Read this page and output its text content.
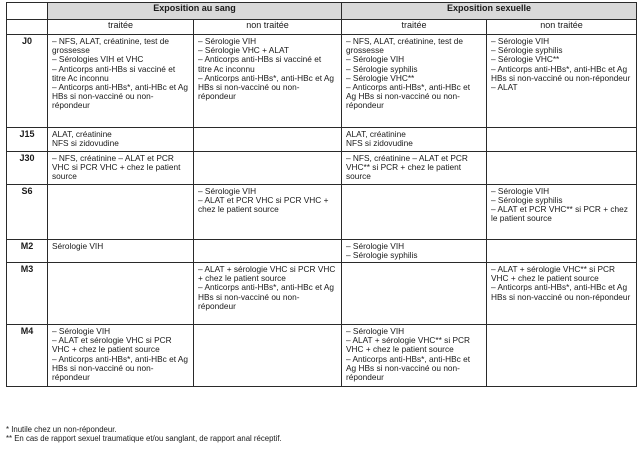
	Exposition au sang		Exposition sexuelle	
	traitée	non traitée	traitée	non traitée
J0	– NFS, ALAT, créatinine, test de grossesse
– Sérologies VIH et VHC
– Anticorps anti-HBs si vacciné et titre Ac inconnu
– Anticorps anti-HBs*, anti-HBc et Ag HBs si non-vacciné ou non-répondeur	– Sérologie VIH
– Sérologie VHC + ALAT
– Anticorps anti-HBs si vacciné et titre Ac inconnu
– Anticorps anti-HBs*, anti-HBc et Ag HBs si non-vacciné ou non-répondeur	– NFS, ALAT, créatinine, test de grossesse
– Sérologie VIH
– Sérologie syphilis
– Sérologie VHC**
– Anticorps anti-HBs*, anti-HBc et Ag HBs si non-vacciné ou non-répondeur	– Sérologie VIH
– Sérologie syphilis
– Sérologie VHC**
– Anticorps anti-HBs*, anti-HBc et Ag HBs si non-vacciné ou non-répondeur
– ALAT

J15	ALAT, créatinine
NFS si zidovudine		ALAT, créatinine
NFS si zidovudine	

J30	– NFS, créatinine – ALAT et PCR VHC si PCR VHC + chez le patient source		– NFS, créatinine – ALAT et PCR VHC** si PCR + chez le patient source	

S6		– Sérologie VIH
– ALAT et PCR VHC si PCR VHC + chez le patient source		– Sérologie VIH
– Sérologie syphilis
– ALAT et PCR VHC** si PCR + chez le patient source

M2	Sérologie VIH		– Sérologie VIH
– Sérologie syphilis	

M3		– ALAT + sérologie VHC si PCR VHC + chez le patient source
– Anticorps anti-HBs*, anti-HBc et Ag HBs si non-vacciné ou non-répondeur		– ALAT + sérologie VHC** si PCR VHC + chez le patient source
– Anticorps anti-HBs*, anti-HBc et Ag HBs si non-vacciné ou non-répondeur

M4	– Sérologie VIH
– ALAT et sérologie VHC si PCR VHC + chez le patient source
– Anticorps anti-HBs*, anti-HBc et Ag HBs si non-vacciné ou non-répondeur		– Sérologie VIH
– ALAT + sérologie VHC** si PCR VHC + chez le patient source
– Anticorps anti-HBs*, anti-HBc et Ag HBs si non-vacciné ou non-répondeur	

* Inutile chez un non-répondeur.
** En cas de rapport sexuel traumatique et/ou sanglant, de rapport anal réceptif.
